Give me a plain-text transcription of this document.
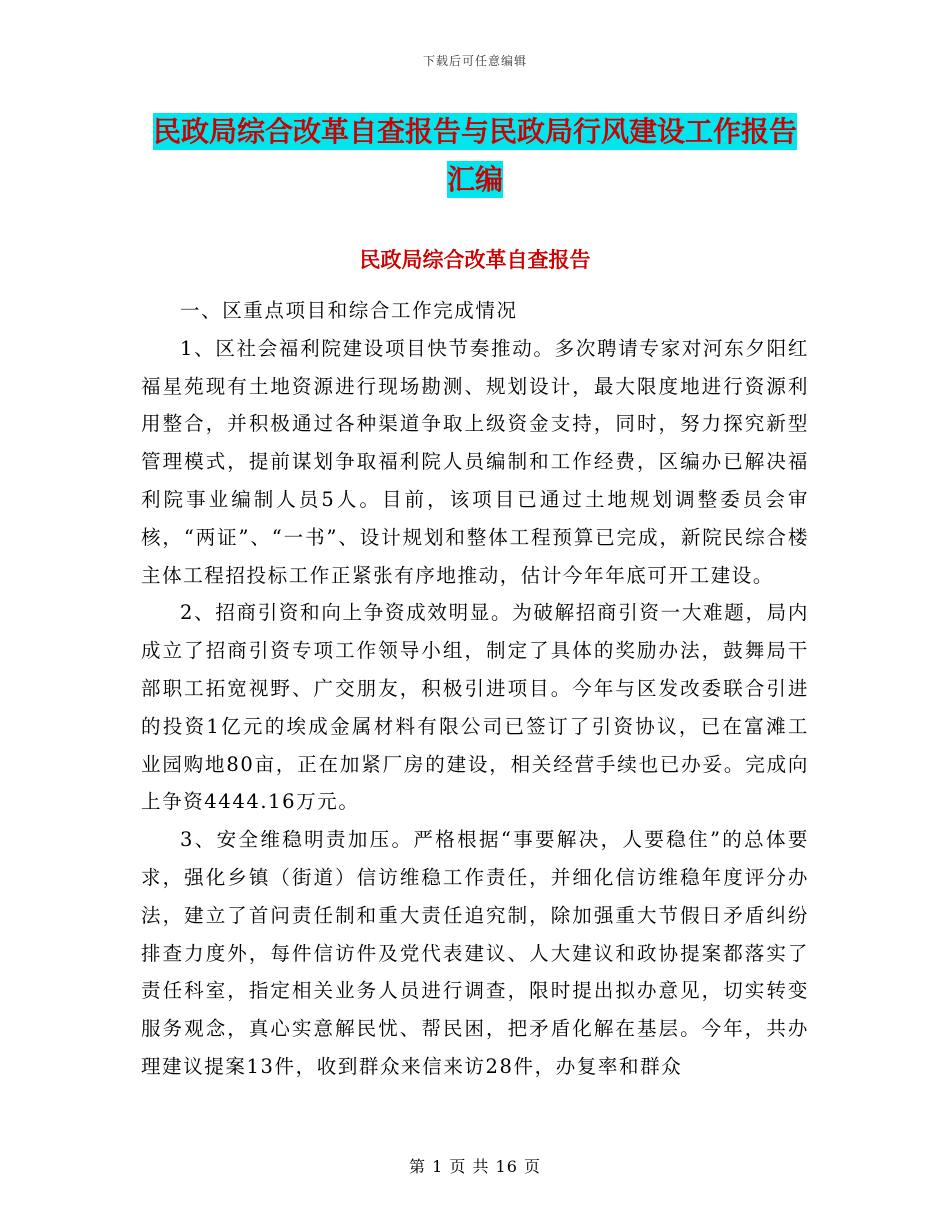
下载后可任意编辑
民政局综合改革自查报告与民政局行风建设工作报告
汇编
民政局综合改革自查报告

一、区重点项目和综合工作完成情况

1、区社会福利院建设项目快节奏推动。多次聘请专家对河东夕阳红福星苑现有土地资源进行现场勘测、规划设计，最大限度地进行资源利用整合，并积极通过各种渠道争取上级资金支持，同时，努力探究新型管理模式，提前谋划争取福利院人员编制和工作经费，区编办已解决福利院事业编制人员5人。目前，该项目已通过土地规划调整委员会审核，“两证”、“一书”、设计规划和整体工程预算已完成，新院民综合楼主体工程招投标工作正紧张有序地推动，估计今年年底可开工建设。

2、招商引资和向上争资成效明显。为破解招商引资一大难题，局内成立了招商引资专项工作领导小组，制定了具体的奖励办法，鼓舞局干部职工拓宽视野、广交朋友，积极引进项目。今年与区发改委联合引进的投资1亿元的埃成金属材料有限公司已签订了引资协议，已在富滩工业园购地80亩，正在加紧厂房的建设，相关经营手续也已办妥。完成向上争资4444.16万元。

3、安全维稳明责加压。严格根据“事要解决，人要稳住”的总体要求，强化乡镇（街道）信访维稳工作责任，并细化信访维稳年度评分办法，建立了首问责任制和重大责任追究制，除加强重大节假日矛盾纠纷排查力度外，每件信访件及党代表建议、人大建议和政协提案都落实了责任科室，指定相关业务人员进行调查，限时提出拟办意见，切实转变服务观念，真心实意解民忧、帮民困，把矛盾化解在基层。今年，共办理建议提案13件，收到群众来信来访28件，办复率和群众

第 1 页 共 16 页
